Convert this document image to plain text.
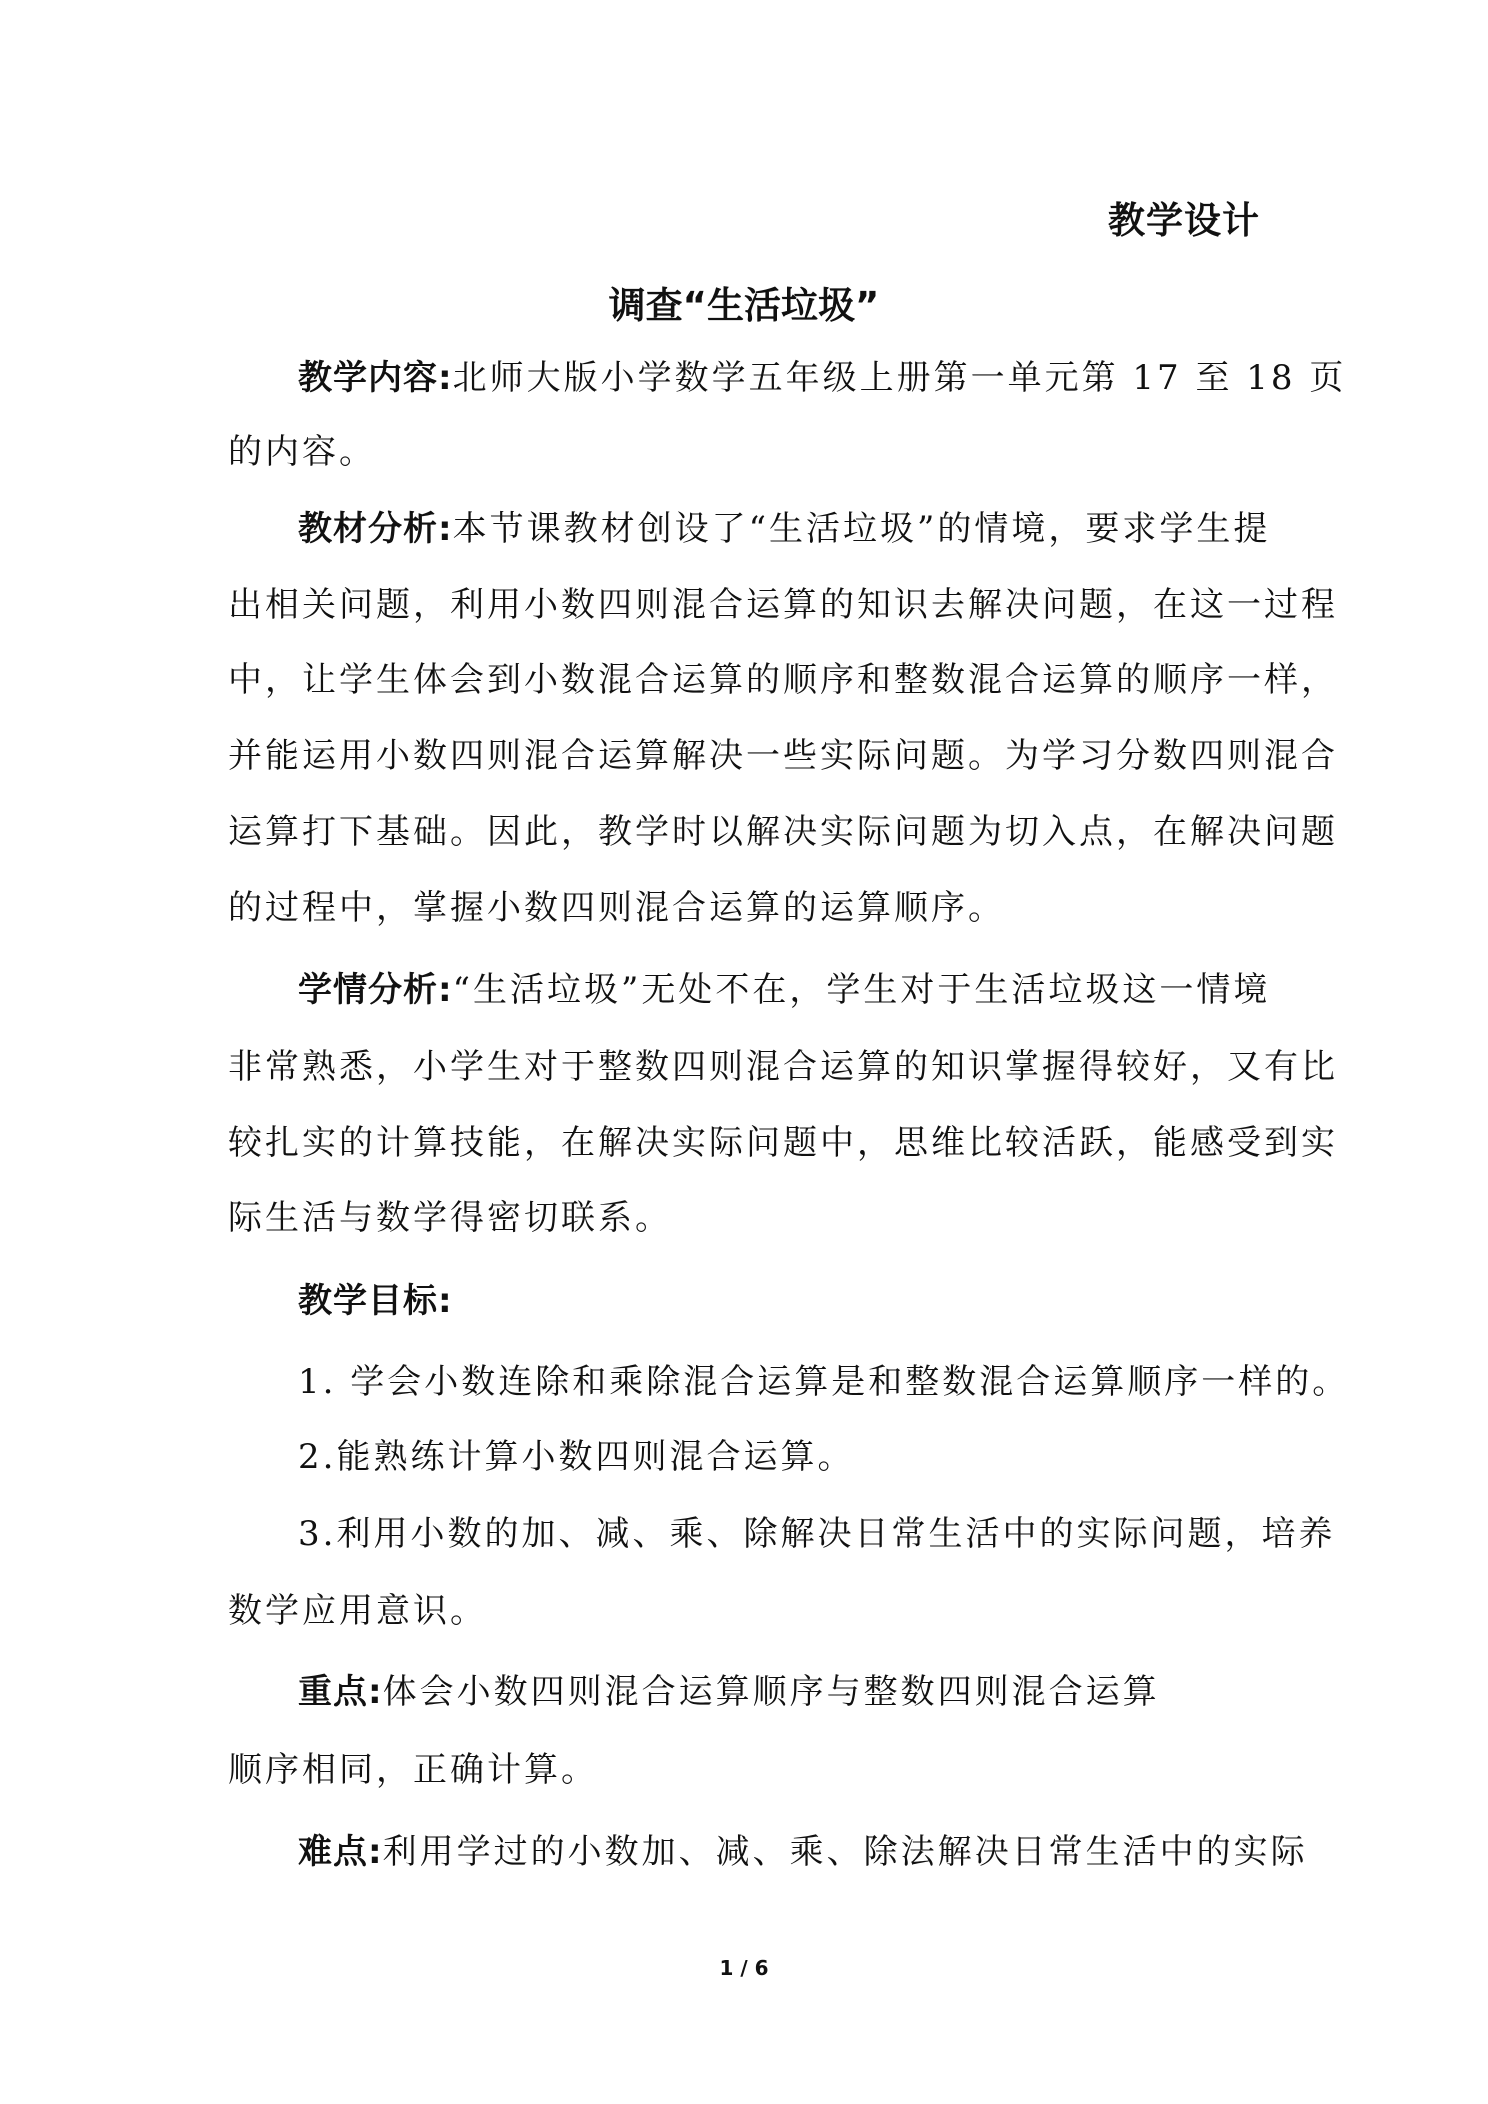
教学设计
调查“生活垃圾”
教学内容:北师大版小学数学五年级上册第一单元第 17 至 18 页
的内容。
教材分析:本节课教材创设了“生活垃圾”的情境，要求学生提
出相关问题，利用小数四则混合运算的知识去解决问题，在这一过程
中，让学生体会到小数混合运算的顺序和整数混合运算的顺序一样，
并能运用小数四则混合运算解决一些实际问题。为学习分数四则混合
运算打下基础。因此，教学时以解决实际问题为切入点，在解决问题
的过程中，掌握小数四则混合运算的运算顺序。
学情分析:“生活垃圾”无处不在，学生对于生活垃圾这一情境
非常熟悉，小学生对于整数四则混合运算的知识掌握得较好，又有比
较扎实的计算技能，在解决实际问题中，思维比较活跃，能感受到实
际生活与数学得密切联系。
教学目标:
1. 学会小数连除和乘除混合运算是和整数混合运算顺序一样的。
2.能熟练计算小数四则混合运算。
3.利用小数的加、减、乘、除解决日常生活中的实际问题，培养
数学应用意识。
重点:体会小数四则混合运算顺序与整数四则混合运算
顺序相同，正确计算。
难点:利用学过的小数加、减、乘、除法解决日常生活中的实际
1 / 6
